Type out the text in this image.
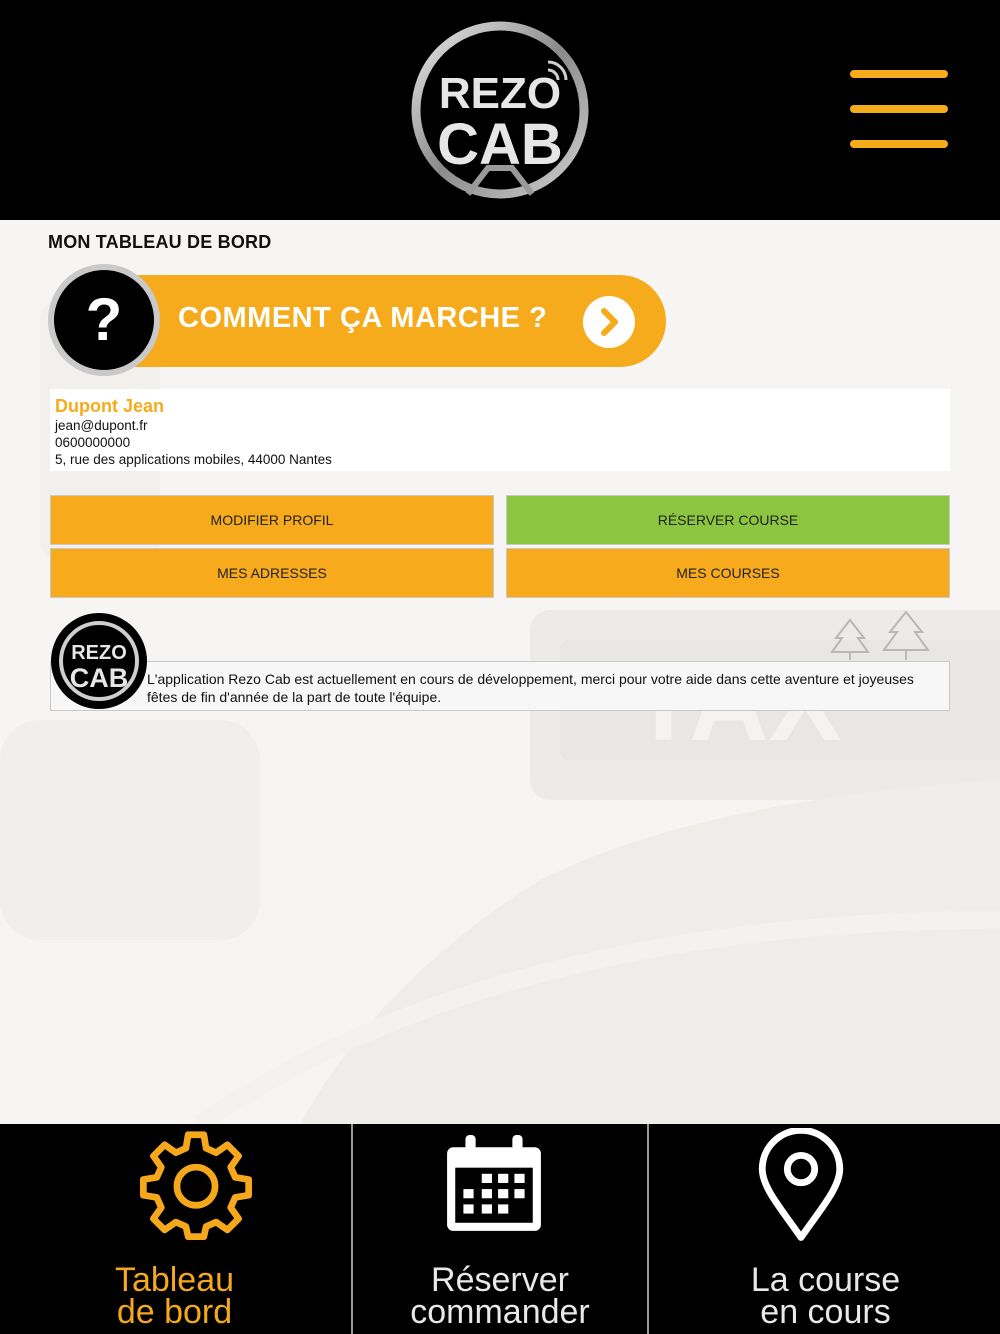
REZO
CAB
MON TABLEAU DE BORD
?	COMMENT ÇA MARCHE ?
Dupont Jean
jean@dupont.fr
0600000000
5, rue des applications mobiles, 44000 Nantes
MODIFIER PROFIL	RÉSERVER COURSE
MES ADRESSES	MES COURSES
L'application Rezo Cab est actuellement en cours de développement, merci pour votre aide dans cette aventure et joyeuses fêtes de fin d'année de la part de toute l'équipe.
REZO
CAB
Tableau
de bord
Réserver
commander
La course
en cours
